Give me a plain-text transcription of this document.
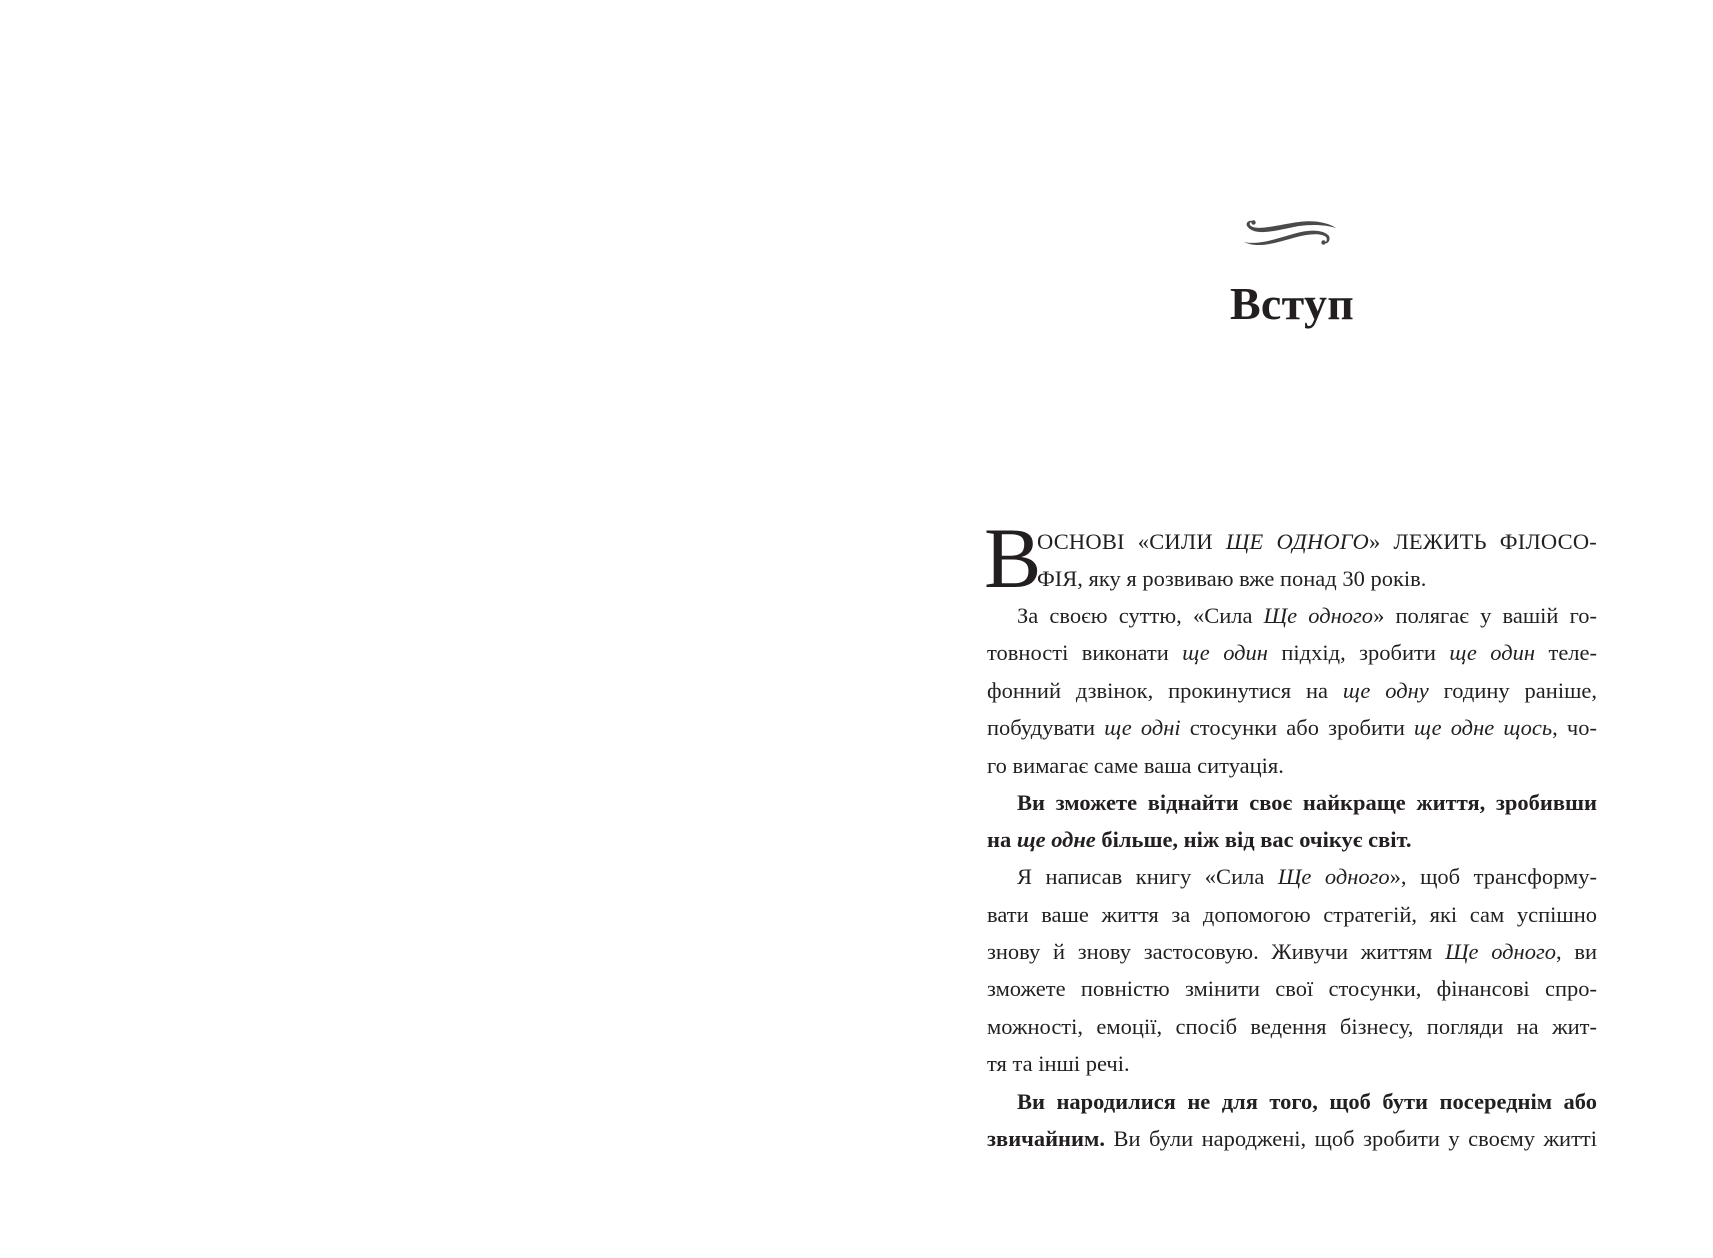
Вступ
В
ОСНОВІ «СИЛИ ЩЕ ОДНОГО» ЛЕЖИТЬ ФІЛОСО-
ФІЯ, яку я розвиваю вже понад 30 років.
За своєю суттю, «Сила Ще одного» полягає у вашій го-
товності виконати ще один підхід, зробити ще один теле-
фонний дзвінок, прокинутися на ще одну годину раніше,
побудувати ще одні стосунки або зробити ще одне щось, чо-
го вимагає саме ваша ситуація.
Ви зможете віднайти своє найкраще життя, зробивши
на ще одне більше, ніж від вас очікує світ.
Я написав книгу «Сила Ще одного», щоб трансформу-
вати ваше життя за допомогою стратегій, які сам успішно
знову й знову застосовую. Живучи життям Ще одного, ви
зможете повністю змінити свої стосунки, фінансові спро-
можності, емоції, спосіб ведення бізнесу, погляди на жит-
тя та інші речі.
Ви народилися не для того, щоб бути посереднім або
звичайним. Ви були народжені, щоб зробити у своєму житті
